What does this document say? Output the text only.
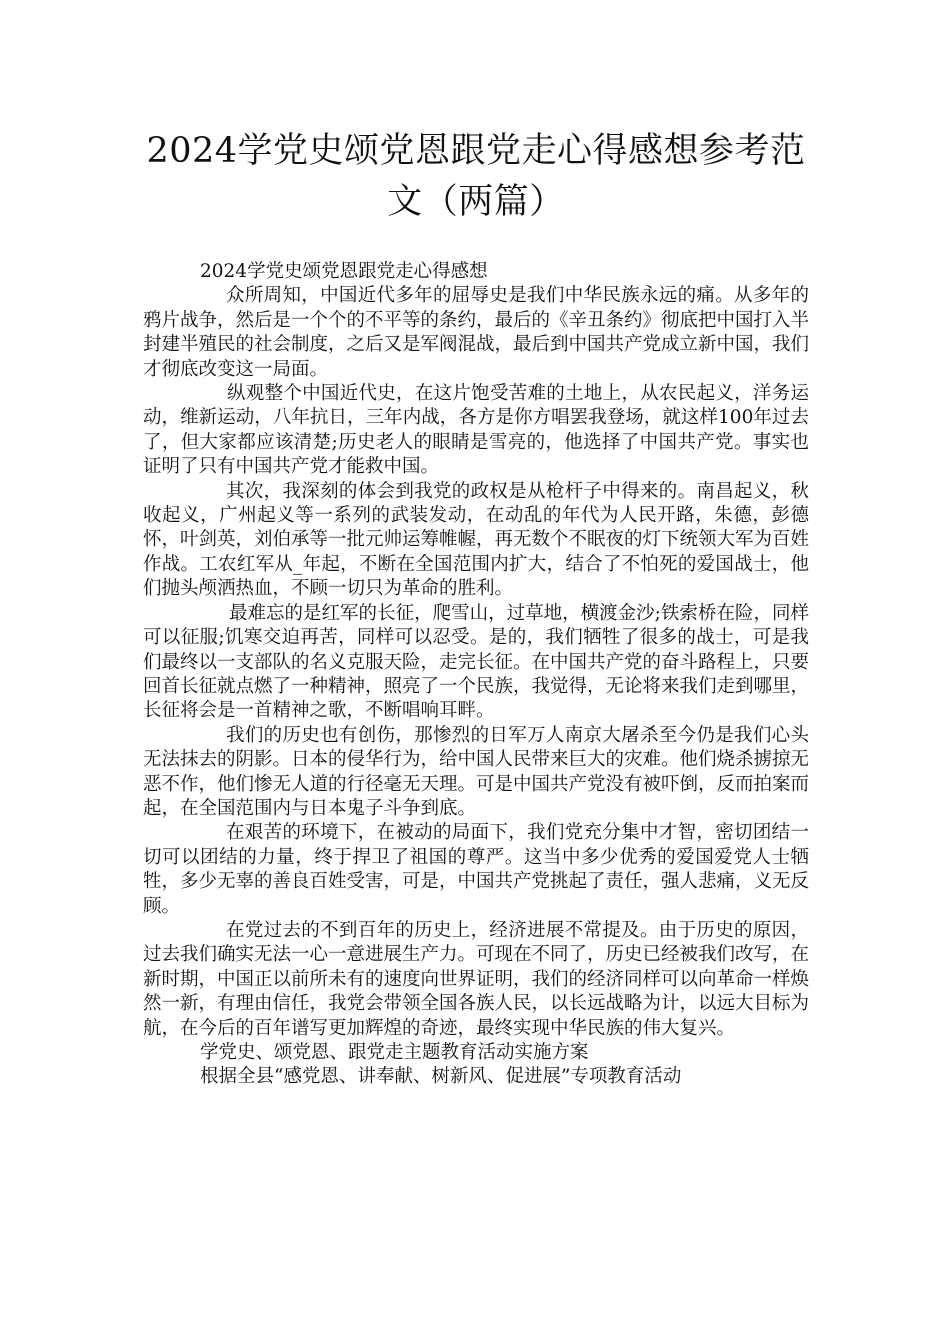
2024学党史颂党恩跟党走心得感想参考范文（两篇）

2024学党史颂党恩跟党走心得感想

众所周知，中国近代多年的屈辱史是我们中华民族永远的痛。从多年的鸦片战争，然后是一个个的不平等的条约，最后的《辛丑条约》彻底把中国打入半封建半殖民的社会制度，之后又是军阀混战，最后到中国共产党成立新中国，我们才彻底改变这一局面。

纵观整个中国近代史，在这片饱受苦难的土地上，从农民起义，洋务运动，维新运动，八年抗日，三年内战，各方是你方唱罢我登场，就这样100年过去了，但大家都应该清楚;历史老人的眼睛是雪亮的，他选择了中国共产党。事实也证明了只有中国共产党才能救中国。

其次，我深刻的体会到我党的政权是从枪杆子中得来的。南昌起义，秋收起义，广州起义等一系列的武装发动，在动乱的年代为人民开路，朱德，彭德怀，叶剑英，刘伯承等一批元帅运筹帷幄，再无数个不眠夜的灯下统领大军为百姓作战。工农红军从_年起，不断在全国范围内扩大，结合了不怕死的爱国战士，他们抛头颅洒热血，不顾一切只为革命的胜利。

最难忘的是红军的长征，爬雪山，过草地，横渡金沙;铁索桥在险，同样可以征服;饥寒交迫再苦，同样可以忍受。是的，我们牺牲了很多的战士，可是我们最终以一支部队的名义克服天险，走完长征。在中国共产党的奋斗路程上，只要回首长征就点燃了一种精神，照亮了一个民族，我觉得，无论将来我们走到哪里，长征将会是一首精神之歌，不断唱响耳畔。

我们的历史也有创伤，那惨烈的日军万人南京大屠杀至今仍是我们心头无法抹去的阴影。日本的侵华行为，给中国人民带来巨大的灾难。他们烧杀掳掠无恶不作，他们惨无人道的行径毫无天理。可是中国共产党没有被吓倒，反而拍案而起，在全国范围内与日本鬼子斗争到底。

在艰苦的环境下，在被动的局面下，我们党充分集中才智，密切团结一切可以团结的力量，终于捍卫了祖国的尊严。这当中多少优秀的爱国爱党人士牺牲，多少无辜的善良百姓受害，可是，中国共产党挑起了责任，强人悲痛，义无反顾。

在党过去的不到百年的历史上，经济进展不常提及。由于历史的原因，过去我们确实无法一心一意进展生产力。可现在不同了，历史已经被我们改写，在新时期，中国正以前所未有的速度向世界证明，我们的经济同样可以向革命一样焕然一新，有理由信任，我党会带领全国各族人民，以长远战略为计，以远大目标为航，在今后的百年谱写更加辉煌的奇迹，最终实现中华民族的伟大复兴。

学党史、颂党恩、跟党走主题教育活动实施方案

根据全县“感党恩、讲奉献、树新风、促进展”专项教育活动
